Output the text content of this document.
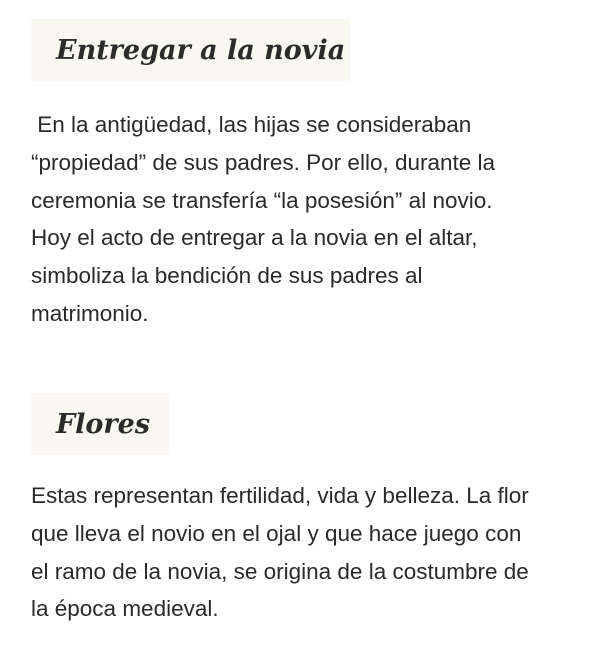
Entregar a la novia

En la antigüedad, las hijas se consideraban
“propiedad” de sus padres. Por ello, durante la
ceremonia se transfería “la posesión” al novio.
Hoy el acto de entregar a la novia en el altar,
simboliza la bendición de sus padres al
matrimonio.

Flores

Estas representan fertilidad, vida y belleza. La flor
que lleva el novio en el ojal y que hace juego con
el ramo de la novia, se origina de la costumbre de
la época medieval.
